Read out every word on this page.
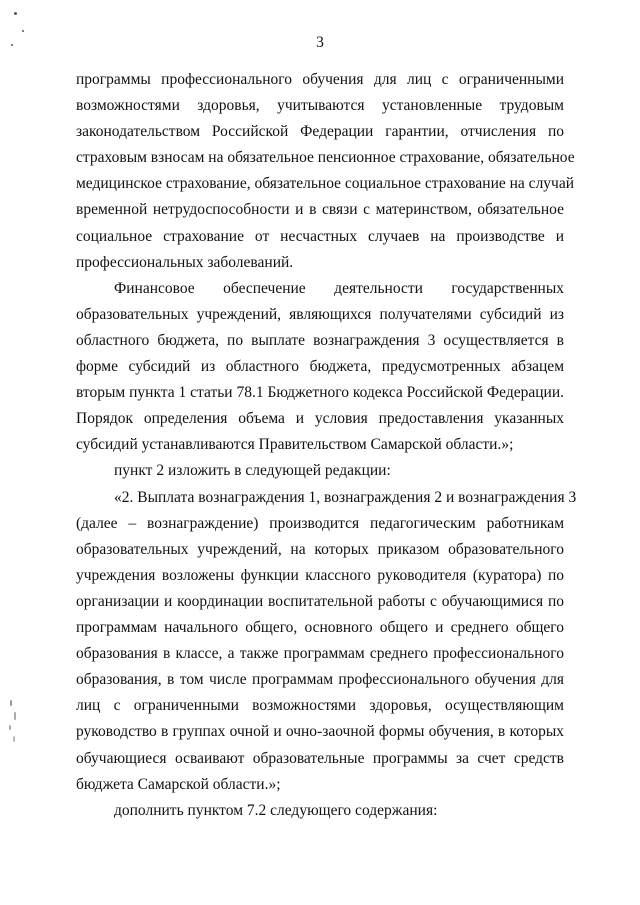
3
программы профессионального обучения для лиц с ограниченными
возможностями здоровья, учитываются установленные трудовым
законодательством Российской Федерации гарантии, отчисления по
страховым взносам на обязательное пенсионное страхование, обязательное
медицинское страхование, обязательное социальное страхование на случай
временной нетрудоспособности и в связи с материнством, обязательное
социальное страхование от несчастных случаев на производстве и
профессиональных заболеваний.
Финансовое обеспечение деятельности государственных
образовательных учреждений, являющихся получателями субсидий из
областного бюджета, по выплате вознаграждения 3 осуществляется в
форме субсидий из областного бюджета, предусмотренных абзацем
вторым пункта 1 статьи 78.1 Бюджетного кодекса Российской Федерации.
Порядок определения объема и условия предоставления указанных
субсидий устанавливаются Правительством Самарской области.»;
пункт 2 изложить в следующей редакции:
«2. Выплата вознаграждения 1, вознаграждения 2 и вознаграждения 3
(далее – вознаграждение) производится педагогическим работникам
образовательных учреждений, на которых приказом образовательного
учреждения возложены функции классного руководителя (куратора) по
организации и координации воспитательной работы с обучающимися по
программам начального общего, основного общего и среднего общего
образования в классе, а также программам среднего профессионального
образования, в том числе программам профессионального обучения для
лиц с ограниченными возможностями здоровья, осуществляющим
руководство в группах очной и очно-заочной формы обучения, в которых
обучающиеся осваивают образовательные программы за счет средств
бюджета Самарской области.»;
дополнить пунктом 7.2 следующего содержания:
